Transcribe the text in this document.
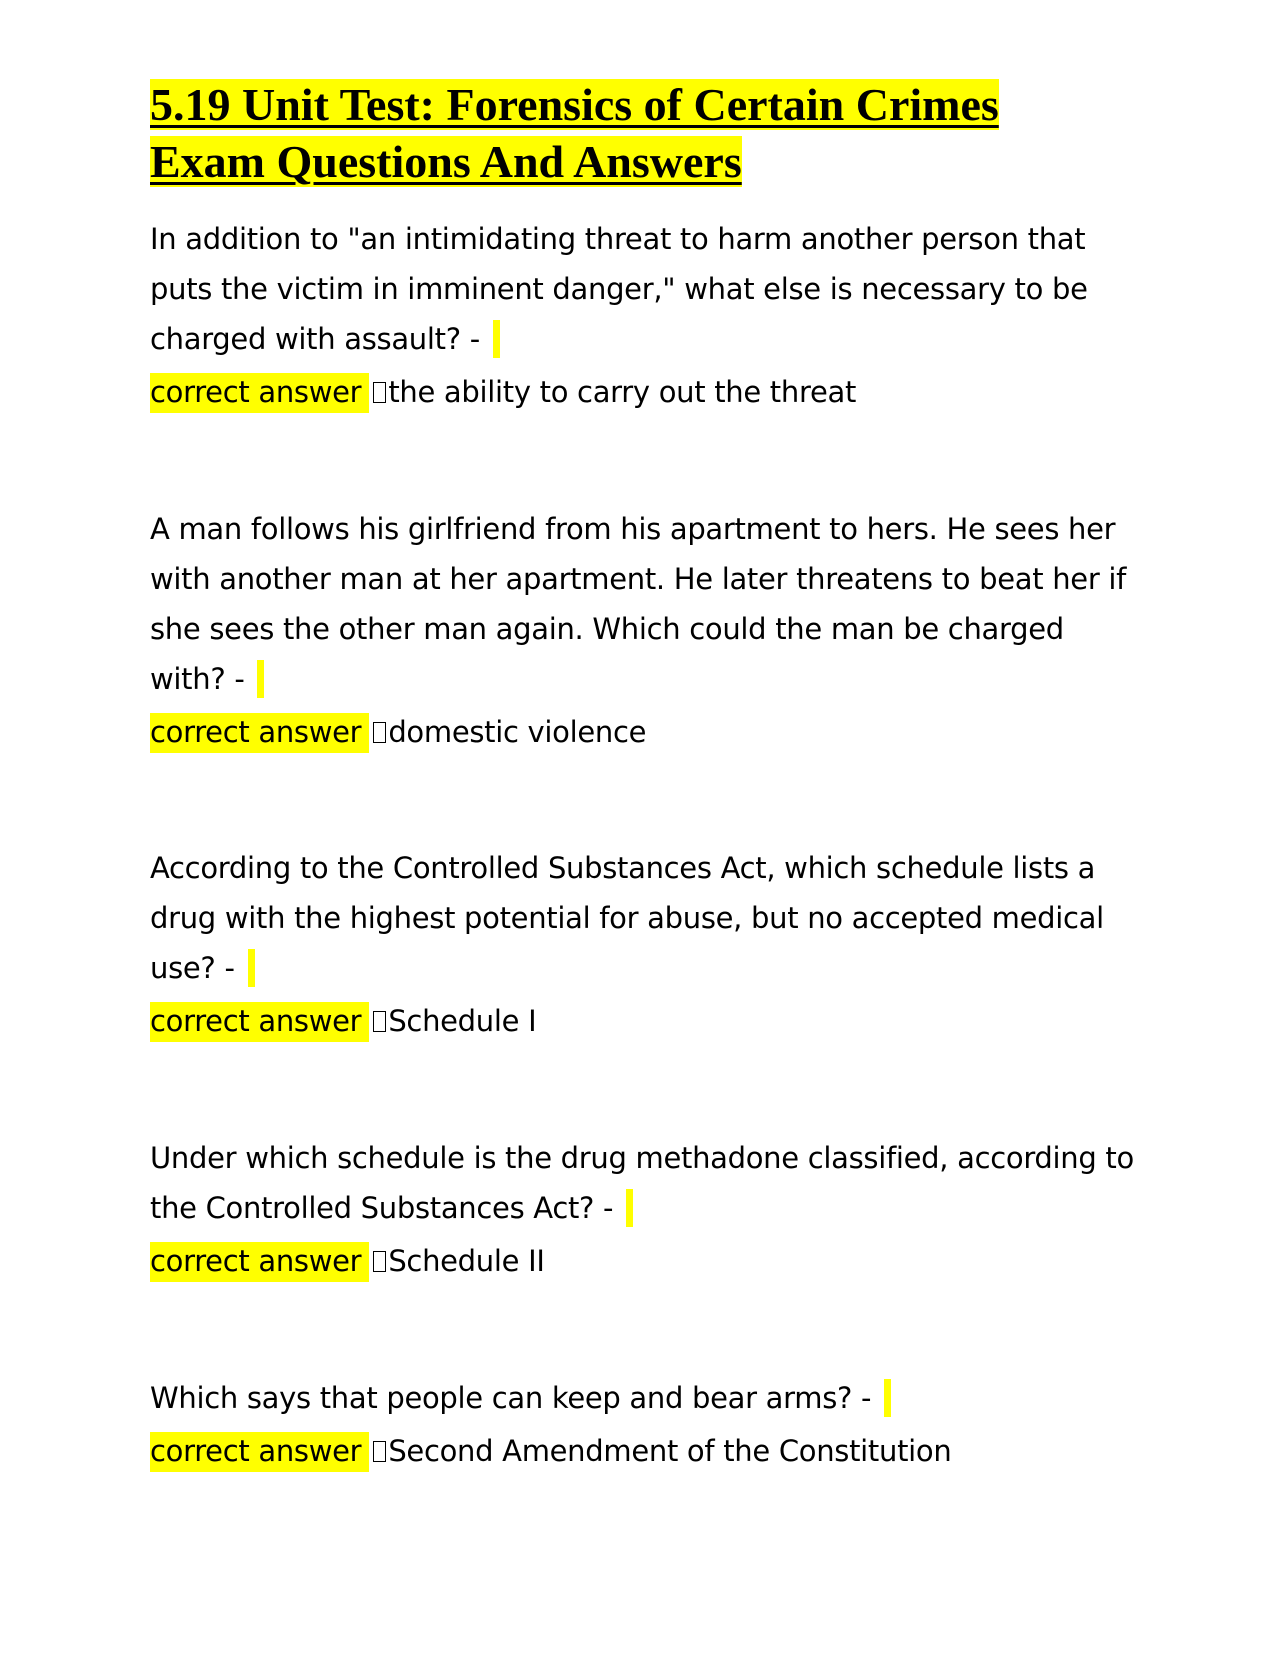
5.19 Unit Test: Forensics of Certain Crimes
Exam Questions And Answers

In addition to "an intimidating threat to harm another person that puts the victim in imminent danger," what else is necessary to be charged with assault? -

correct answer the ability to carry out the threat

A man follows his girlfriend from his apartment to hers. He sees her with another man at her apartment. He later threatens to beat her if she sees the other man again. Which could the man be charged with? -

correct answer domestic violence

According to the Controlled Substances Act, which schedule lists a drug with the highest potential for abuse, but no accepted medical use? -

correct answer Schedule I

Under which schedule is the drug methadone classified, according to the Controlled Substances Act? -

correct answer Schedule II

Which says that people can keep and bear arms? -

correct answer Second Amendment of the Constitution
